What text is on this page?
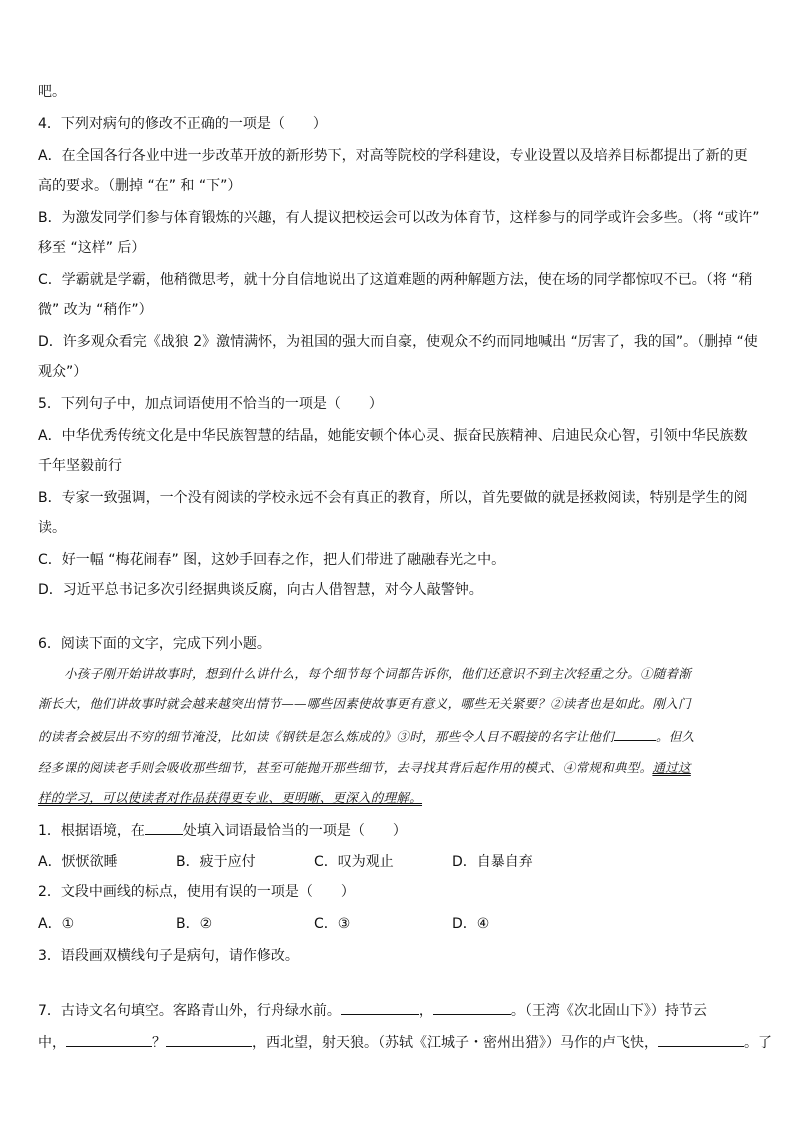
吧。
4．下列对病句的修改不正确的一项是（　　）
A．在全国各行各业中进一步改革开放的新形势下，对高等院校的学科建设，专业设置以及培养目标都提出了新的更
高的要求。（删掉 “在” 和 “下”）
B．为激发同学们参与体育锻炼的兴趣，有人提议把校运会可以改为体育节，这样参与的同学或许会多些。（将 “或许”
移至 “这样” 后）
C．学霸就是学霸，他稍微思考，就十分自信地说出了这道难题的两种解题方法，使在场的同学都惊叹不已。（将 “稍
微” 改为 “稍作”）
D．许多观众看完《战狼 2》激情满怀，为祖国的强大而自豪，使观众不约而同地喊出 “厉害了，我的国”。（删掉 “使
观众”）
5．下列句子中，加点词语使用不恰当的一项是（　　）
A．中华优秀传统文化是中华民族智慧的结晶，她能安顿个体心灵、振奋民族精神、启迪民众心智，引领中华民族数
千年坚毅前行
B．专家一致强调，一个没有阅读的学校永远不会有真正的教育，所以，首先要做的就是拯救阅读，特别是学生的阅
读。
C．好一幅 “梅花闹春” 图，这妙手回春之作，把人们带进了融融春光之中。
D．习近平总书记多次引经据典谈反腐，向古人借智慧，对今人敲警钟。
6．阅读下面的文字，完成下列小题。
小孩子刚开始讲故事时，想到什么讲什么，每个细节每个词都告诉你，他们还意识不到主次轻重之分。①随着渐
渐长大，他们讲故事时就会越来越突出情节——哪些因素使故事更有意义，哪些无关紧要？②读者也是如此。刚入门
的读者会被层出不穷的细节淹没，比如读《钢铁是怎么炼成的》③时，那些令人目不暇接的名字让他们	。但久
经多课的阅读老手则会吸收那些细节，甚至可能抛开那些细节，去寻找其背后起作用的模式、④常规和典型。通过这
样的学习，可以使读者对作品获得更专业、更明晰、更深入的理解。
1．根据语境，在	处填入词语最恰当的一项是（　　）
A．恹恹欲睡	B．疲于应付	C．叹为观止	D．自暴自弃
2．文段中画线的标点，使用有误的一项是（　　）
A．①	B．②	C．③	D．④
3．语段画双横线句子是病句，请作修改。
7．古诗文名句填空。客路青山外，行舟绿水前。	，	。（王湾《次北固山下》）持节云
中，	？	，西北望，射天狼。（苏轼《江城子・密州出猎》）马作的卢飞快，	。了
